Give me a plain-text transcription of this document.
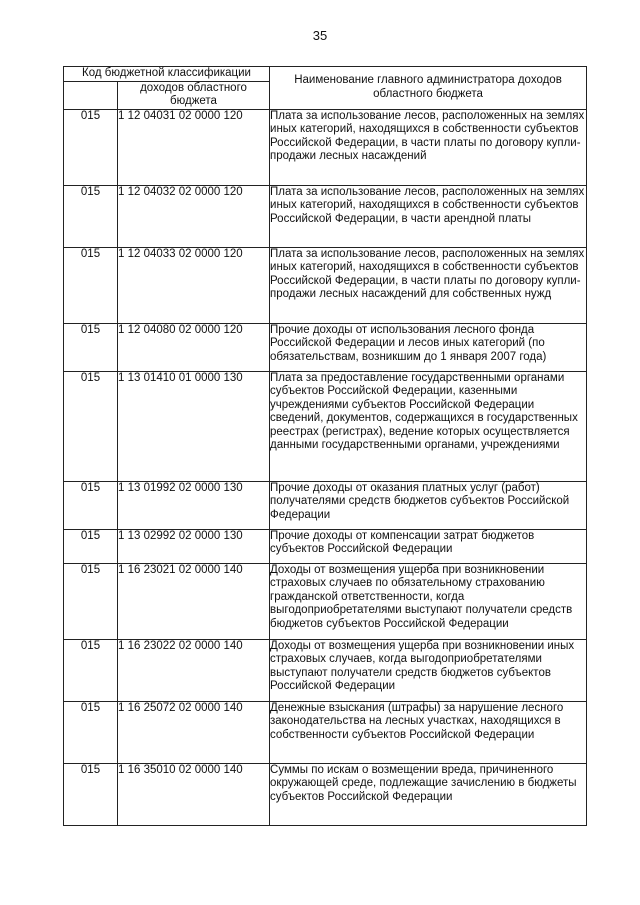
35
Код бюджетной классификации		Наименование главного администратора доходов областного бюджета
	доходов областного бюджета	
015	1 12 04031 02 0000 120	Плата за использование лесов, расположенных на землях иных категорий, находящихся в собственности субъектов Российской Федерации, в части платы по договору купли-продажи лесных насаждений
015	1 12 04032 02 0000 120	Плата за использование лесов, расположенных на землях иных категорий, находящихся в собственности субъектов Российской Федерации, в части арендной платы
015	1 12 04033 02 0000 120	Плата за использование лесов, расположенных на землях иных категорий, находящихся в собственности субъектов Российской Федерации, в части платы по договору купли-продажи лесных насаждений для собственных нужд
015	1 12 04080 02 0000 120	Прочие доходы от использования лесного фонда Российской Федерации и лесов иных категорий (по обязательствам, возникшим до 1 января 2007 года)
015	1 13 01410 01 0000 130	Плата за предоставление государственными органами субъектов Российской Федерации, казенными учреждениями субъектов Российской Федерации сведений, документов, содержащихся в государственных реестрах (регистрах), ведение которых осуществляется данными государственными органами, учреждениями
015	1 13 01992 02 0000 130	Прочие доходы от оказания платных услуг (работ) получателями средств бюджетов субъектов Российской Федерации
015	1 13 02992 02 0000 130	Прочие доходы от компенсации затрат бюджетов субъектов Российской Федерации
015	1 16 23021 02 0000 140	Доходы от возмещения ущерба при возникновении страховых случаев по обязательному страхованию гражданской ответственности, когда выгодоприобретателями выступают получатели средств бюджетов субъектов Российской Федерации
015	1 16 23022 02 0000 140	Доходы от возмещения ущерба при возникновении иных страховых случаев, когда выгодоприобретателями выступают получатели средств бюджетов субъектов Российской Федерации
015	1 16 25072 02 0000 140	Денежные взыскания (штрафы) за нарушение лесного законодательства на лесных участках, находящихся в собственности субъектов Российской Федерации
015	1 16 35010 02 0000 140	Суммы по искам о возмещении вреда, причиненного окружающей среде, подлежащие зачислению в бюджеты субъектов Российской Федерации
